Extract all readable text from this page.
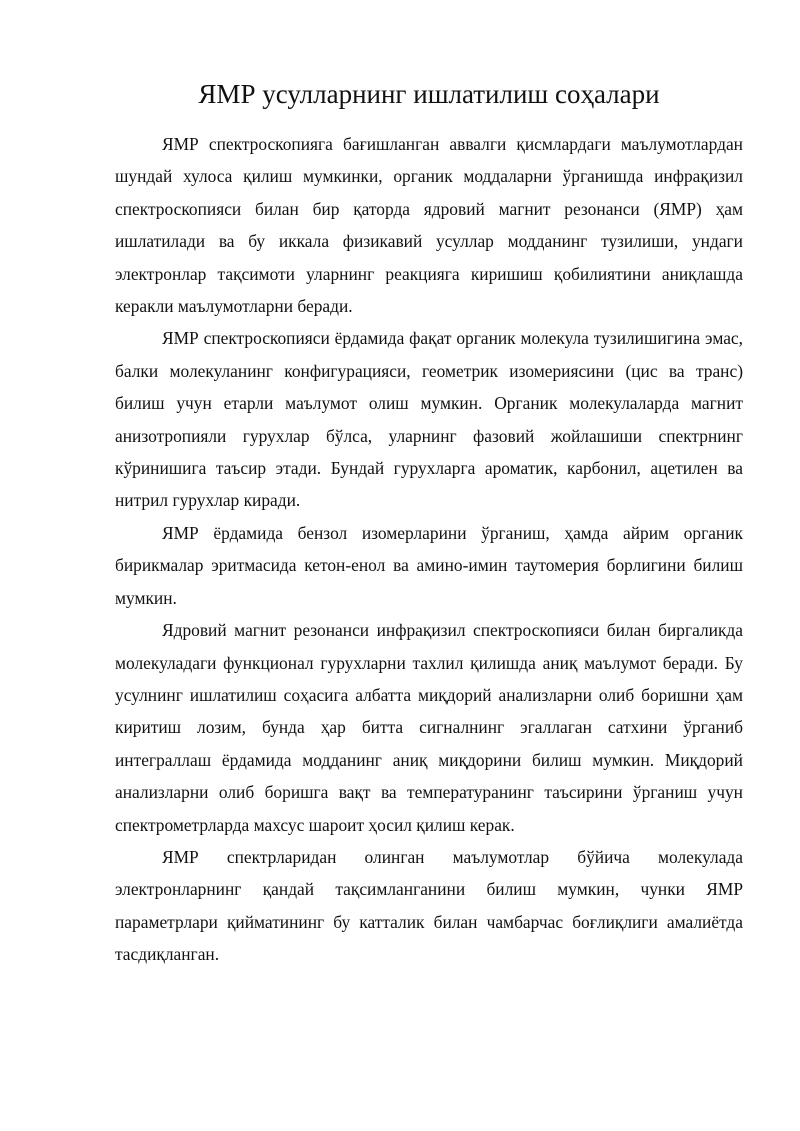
ЯМР усулларнинг ишлатилиш соҳалари

ЯМР спектроскопияга бағишланган аввалги қисмлардаги маълумотлардан шундай хулоса қилиш мумкинки, органик моддаларни ўрганишда инфрақизил спектроскопияси билан бир қаторда ядровий магнит резонанси (ЯМР) ҳам ишлатилади ва бу иккала физикавий усуллар модданинг тузилиши, ундаги электронлар тақсимоти уларнинг реакцияга киришиш қобилиятини аниқлашда керакли маълумотларни беради.

ЯМР спектроскопияси ёрдамида фақат органик молекула тузилишигина эмас, балки молекуланинг конфигурацияси, геометрик изомериясини (цис ва транс) билиш учун етарли маълумот олиш мумкин. Органик молекулаларда магнит анизотропияли гурухлар бўлса, уларнинг фазовий жойлашиши спектрнинг кўринишига таъсир этади. Бундай гурухларга ароматик, карбонил, ацетилен ва нитрил гурухлар киради.

ЯМР ёрдамида бензол изомерларини ўрганиш, ҳамда айрим органик бирикмалар эритмасида кетон-енол ва амино-имин таутомерия борлигини билиш мумкин.

Ядровий магнит резонанси инфрақизил спектроскопияси билан биргаликда молекуладаги функционал гурухларни тахлил қилишда аниқ маълумот беради. Бу усулнинг ишлатилиш соҳасига албатта миқдорий анализларни олиб боришни ҳам киритиш лозим, бунда ҳар битта сигналнинг эгаллаган сатхини ўрганиб интеграллаш ёрдамида модданинг аниқ миқдорини билиш мумкин. Миқдорий анализларни олиб боришга вақт ва температуранинг таъсирини ўрганиш учун спектрометрларда махсус шароит ҳосил қилиш керак.

ЯМР спектрларидан олинган маълумотлар бўйича молекулада электронларнинг қандай тақсимланганини билиш мумкин, чунки ЯМР параметрлари қийматининг бу катталик билан чамбарчас боғлиқлиги амалиётда тасдиқланган.
